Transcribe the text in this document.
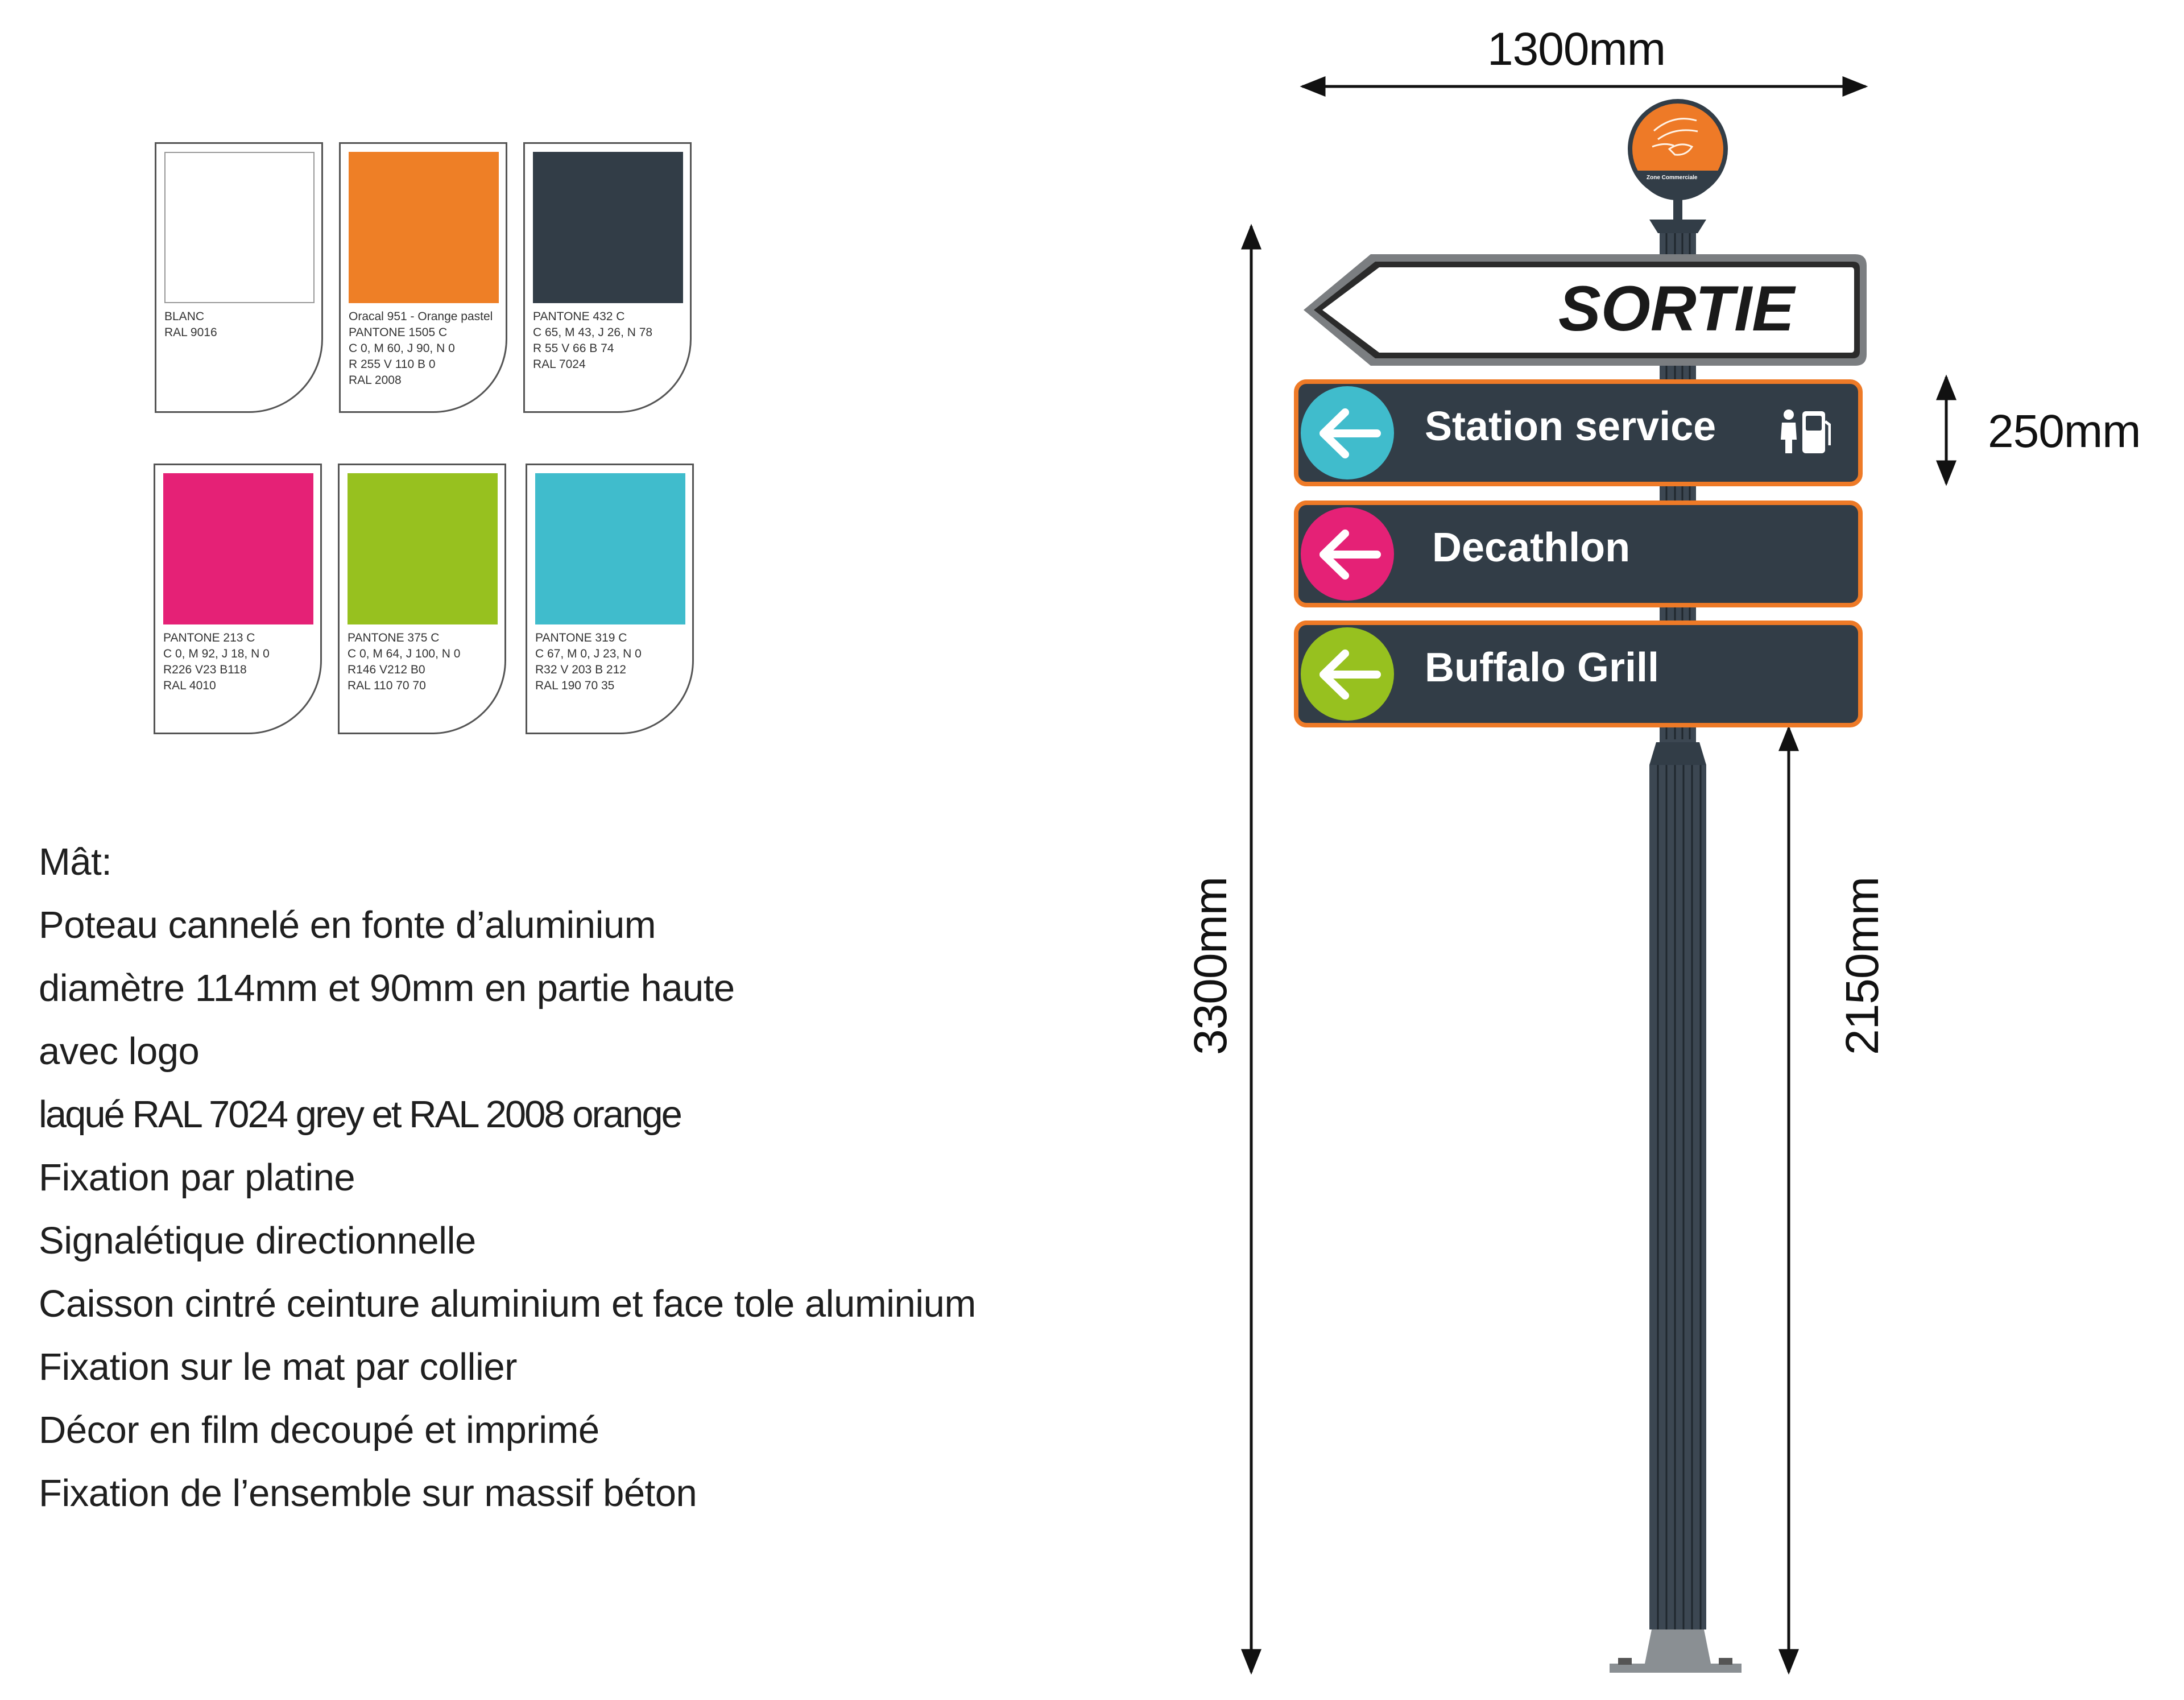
BLANC
RAL 9016
Oracal 951 - Orange pastel
PANTONE 1505 C
C 0, M 60, J 90, N 0
R 255 V 110 B 0
RAL 2008
PANTONE 432 C
C 65, M 43, J 26, N 78
R 55 V 66 B 74
RAL 7024
PANTONE 213 C
C 0, M 92, J 18, N 0
R226 V23 B118
RAL 4010
PANTONE 375 C
C 0, M 64, J 100, N 0
R146 V212 B0
RAL 110 70 70
PANTONE 319 C
C 67, M 0, J 23, N 0
R32 V 203 B 212
RAL 190 70 35
Mât:
Poteau cannelé en fonte d’aluminium
diamètre 114mm et 90mm en partie haute
avec logo
laqué RAL 7024 grey et RAL 2008 orange
Fixation par platine
Signalétique directionnelle
Caisson cintré ceinture aluminium et face tole aluminium
Fixation sur le mat par collier
Décor en film decoupé et imprimé
Fixation de l’ensemble sur massif béton
SORTIE
Zone Commerciale
Station service
Decathlon
Buffalo Grill
1300mm
250mm
3300mm	2150mm
